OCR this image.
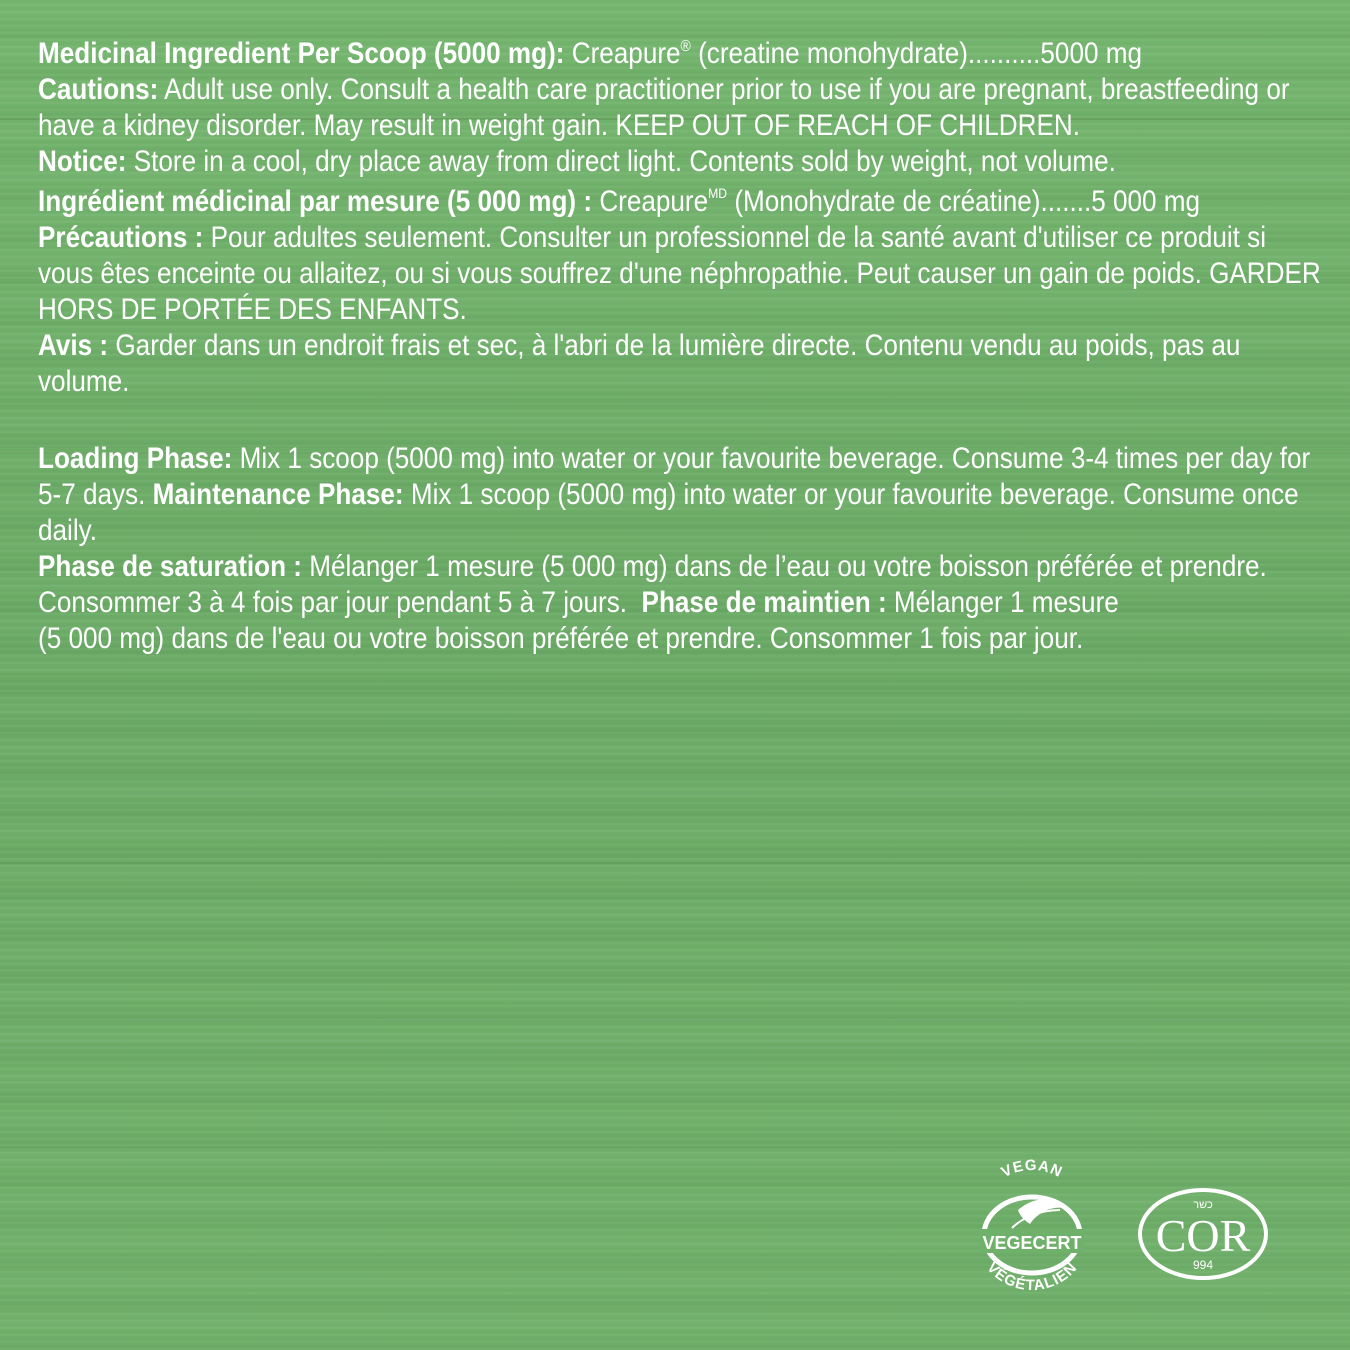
Medicinal Ingredient Per Scoop (5000 mg): Creapure® (creatine monohydrate)..........5000 mg

Cautions: Adult use only. Consult a health care practitioner prior to use if you are pregnant, breastfeeding or have a kidney disorder. May result in weight gain. KEEP OUT OF REACH OF CHILDREN.

Notice: Store in a cool, dry place away from direct light. Contents sold by weight, not volume.

Ingrédient médicinal par mesure (5 000 mg) : Creapure$^{MD}$ (Monohydrate de créatine).......5 000 mg

Précautions : Pour adultes seulement. Consulter un professionnel de la santé avant d'utiliser ce produit si vous êtes enceinte ou allaitez, ou si vous souffrez d'une néphropathie. Peut causer un gain de poids. GARDER HORS DE PORTÉE DES ENFANTS.

Avis : Garder dans un endroit frais et sec, à l'abri de la lumière directe. Contenu vendu au poids, pas au volume.

Loading Phase: Mix 1 scoop (5000 mg) into water or your favourite beverage. Consume 3-4 times per day for 5-7 days. Maintenance Phase: Mix 1 scoop (5000 mg) into water or your favourite beverage. Consume once daily.

Phase de saturation : Mélanger 1 mesure (5 000 mg) dans de l’eau ou votre boisson préférée et prendre. Consommer 3 à 4 fois par jour pendant 5 à 7 jours. Phase de maintien : Mélanger 1 mesure
(5 000 mg) dans de l'eau ou votre boisson préférée et prendre. Consommer 1 fois par jour.

VEGAN
VEGECERT
VÉGÉTALIEN
כשר
COR
994
